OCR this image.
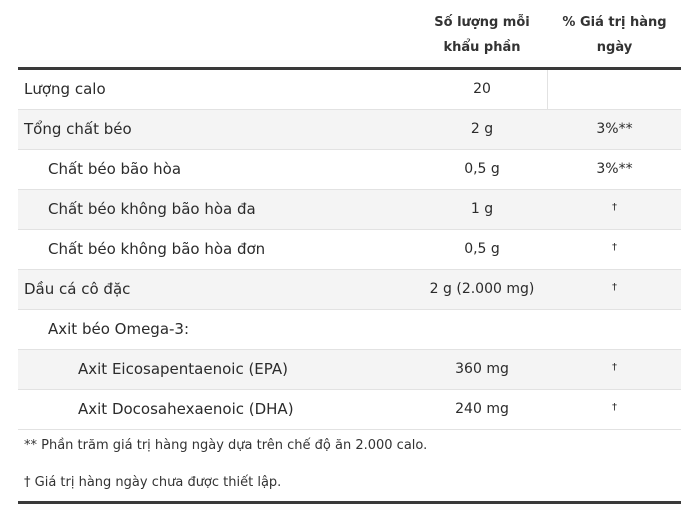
Số lượng mỗi khẩu phần
% Giá trị hàng ngày
Lượng calo	20
Tổng chất béo	2 g	3%**
Chất béo bão hòa	0,5 g	3%**
Chất béo không bão hòa đa	1 g	†
Chất béo không bão hòa đơn	0,5 g	†
Dầu cá cô đặc	2 g (2.000 mg)	†
Axit béo Omega-3:
Axit Eicosapentaenoic (EPA)	360 mg	†
Axit Docosahexaenoic (DHA)	240 mg	†
** Phần trăm giá trị hàng ngày dựa trên chế độ ăn 2.000 calo.
† Giá trị hàng ngày chưa được thiết lập.
